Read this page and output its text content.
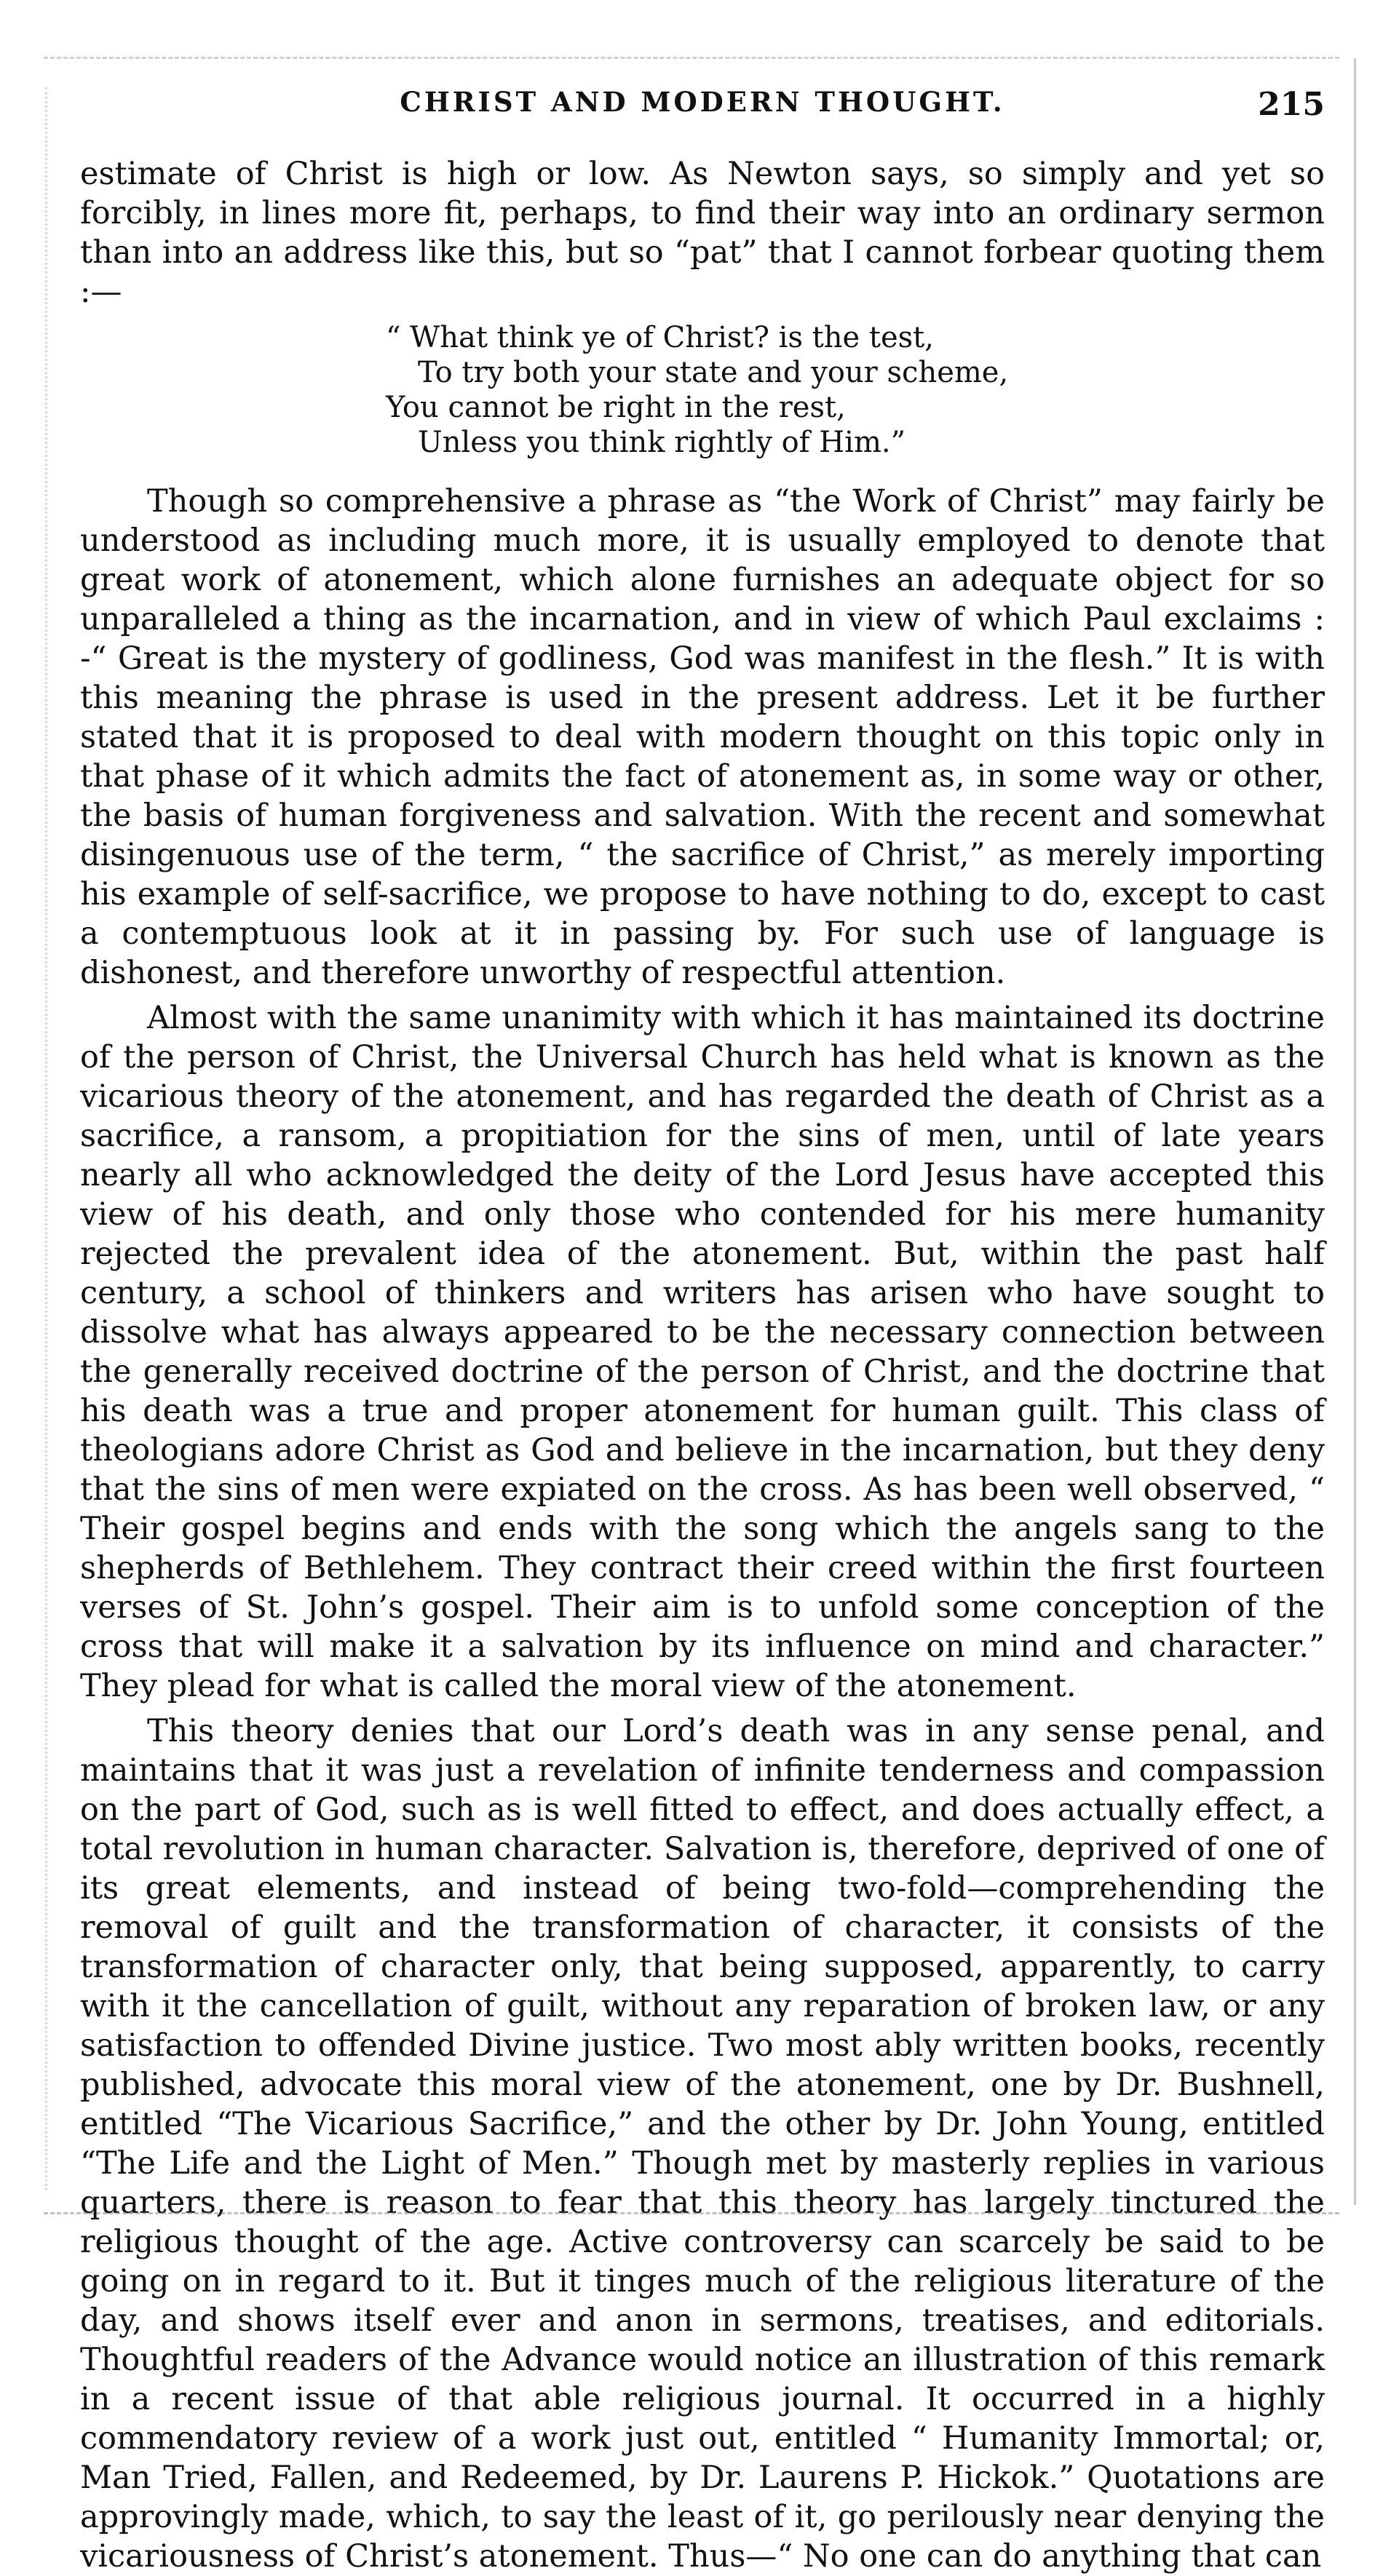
CHRIST AND MODERN THOUGHT.	215

estimate of Christ is high or low. As Newton says, so simply and yet so forcibly, in lines more fit, perhaps, to find their way into an ordinary sermon than into an address like this, but so “pat” that I cannot forbear quoting them :—

“ What think ye of Christ? is the test,
To try both your state and your scheme,
You cannot be right in the rest,
Unless you think rightly of Him.”

Though so comprehensive a phrase as “the Work of Christ” may fairly be understood as including much more, it is usually employed to denote that great work of atonement, which alone furnishes an adequate object for so unparalleled a thing as the incarnation, and in view of which Paul exclaims : -“ Great is the mystery of godliness, God was manifest in the flesh.” It is with this meaning the phrase is used in the present address. Let it be further stated that it is proposed to deal with modern thought on this topic only in that phase of it which admits the fact of atonement as, in some way or other, the basis of human forgiveness and salvation. With the recent and somewhat disingenuous use of the term, “ the sacrifice of Christ,” as merely importing his example of self-sacrifice, we propose to have nothing to do, except to cast a contemptuous look at it in passing by. For such use of language is dishonest, and therefore unworthy of respectful attention.

Almost with the same unanimity with which it has maintained its doctrine of the person of Christ, the Universal Church has held what is known as the vicarious theory of the atonement, and has regarded the death of Christ as a sacrifice, a ransom, a propitiation for the sins of men, until of late years nearly all who acknowledged the deity of the Lord Jesus have accepted this view of his death, and only those who contended for his mere humanity rejected the prevalent idea of the atonement. But, within the past half century, a school of thinkers and writers has arisen who have sought to dissolve what has always appeared to be the necessary connection between the generally received doctrine of the person of Christ, and the doctrine that his death was a true and proper atonement for human guilt. This class of theologians adore Christ as God and believe in the incarnation, but they deny that the sins of men were expiated on the cross. As has been well observed, “ Their gospel begins and ends with the song which the angels sang to the shepherds of Bethlehem. They contract their creed within the first fourteen verses of St. John’s gospel. Their aim is to unfold some conception of the cross that will make it a salvation by its influence on mind and character.” They plead for what is called the moral view of the atonement.

This theory denies that our Lord’s death was in any sense penal, and maintains that it was just a revelation of infinite tenderness and compassion on the part of God, such as is well fitted to effect, and does actually effect, a total revolution in human character. Salvation is, therefore, deprived of one of its great elements, and instead of being two-fold—comprehending the removal of guilt and the transformation of character, it consists of the transformation of character only, that being supposed, apparently, to carry with it the cancellation of guilt, without any reparation of broken law, or any satisfaction to offended Divine justice. Two most ably written books, recently published, advocate this moral view of the atonement, one by Dr. Bushnell, entitled “The Vicarious Sacrifice,” and the other by Dr. John Young, entitled “The Life and the Light of Men.” Though met by masterly replies in various quarters, there is reason to fear that this theory has largely tinctured the religious thought of the age. Active controversy can scarcely be said to be going on in regard to it. But it tinges much of the religious literature of the day, and shows itself ever and anon in sermons, treatises, and editorials. Thoughtful readers of the Advance would notice an illustration of this remark in a recent issue of that able religious journal. It occurred in a highly commendatory review of a work just out, entitled “ Humanity Immortal; or, Man Tried, Fallen, and Redeemed, by Dr. Laurens P. Hickok.” Quotations are approvingly made, which, to say the least of it, go perilously near denying the vicariousness of Christ’s atonement. Thus—“ No one can do anything that can
